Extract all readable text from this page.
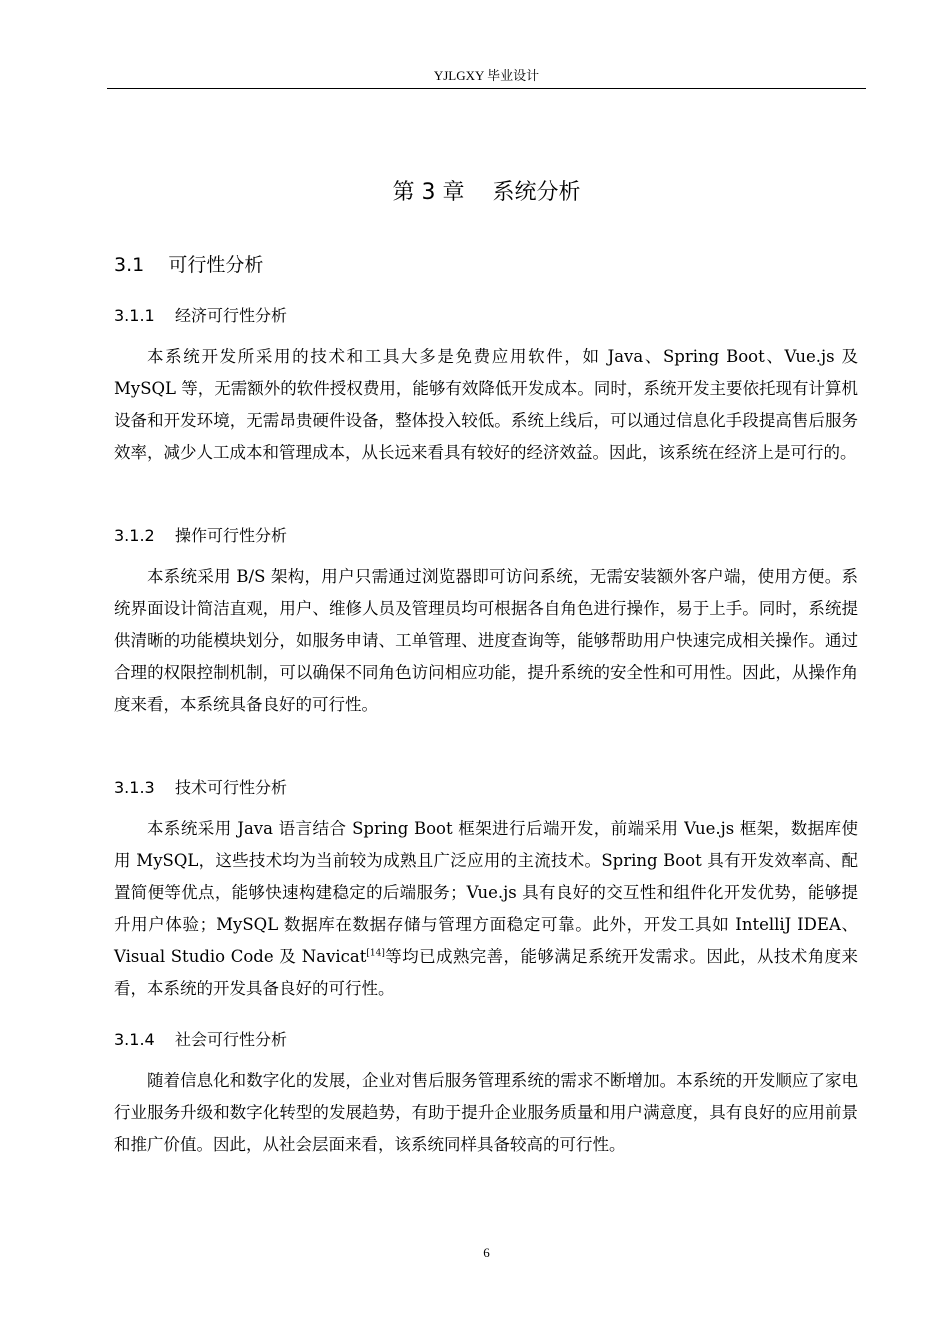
YJLGXY 毕业设计
第 3 章    系统分析
3.1    可行性分析
3.1.1    经济可行性分析
本系统开发所采用的技术和工具大多是免费应用软件，如 Java、Spring Boot、Vue.js 及 MySQL 等，无需额外的软件授权费用，能够有效降低开发成本。同时，系统开发主要依托现有计算机设备和开发环境，无需昂贵硬件设备，整体投入较低。系统上线后，可以通过信息化手段提高售后服务效率，减少人工成本和管理成本，从长远来看具有较好的经济效益。因此，该系统在经济上是可行的。
3.1.2    操作可行性分析
本系统采用 B/S 架构，用户只需通过浏览器即可访问系统，无需安装额外客户端，使用方便。系统界面设计简洁直观，用户、维修人员及管理员均可根据各自角色进行操作，易于上手。同时，系统提供清晰的功能模块划分，如服务申请、工单管理、进度查询等，能够帮助用户快速完成相关操作。通过合理的权限控制机制，可以确保不同角色访问相应功能，提升系统的安全性和可用性。因此，从操作角度来看，本系统具备良好的可行性。
3.1.3    技术可行性分析
本系统采用 Java 语言结合 Spring Boot 框架进行后端开发，前端采用 Vue.js 框架，数据库使用 MySQL，这些技术均为当前较为成熟且广泛应用的主流技术。Spring Boot 具有开发效率高、配置简便等优点，能够快速构建稳定的后端服务；Vue.js 具有良好的交互性和组件化开发优势，能够提升用户体验；MySQL 数据库在数据存储与管理方面稳定可靠。此外，开发工具如 IntelliJ IDEA、Visual Studio Code 及 Navicat[14]等均已成熟完善，能够满足系统开发需求。因此，从技术角度来看，本系统的开发具备良好的可行性。
3.1.4    社会可行性分析
随着信息化和数字化的发展，企业对售后服务管理系统的需求不断增加。本系统的开发顺应了家电行业服务升级和数字化转型的发展趋势，有助于提升企业服务质量和用户满意度，具有良好的应用前景和推广价值。因此，从社会层面来看，该系统同样具备较高的可行性。
6
